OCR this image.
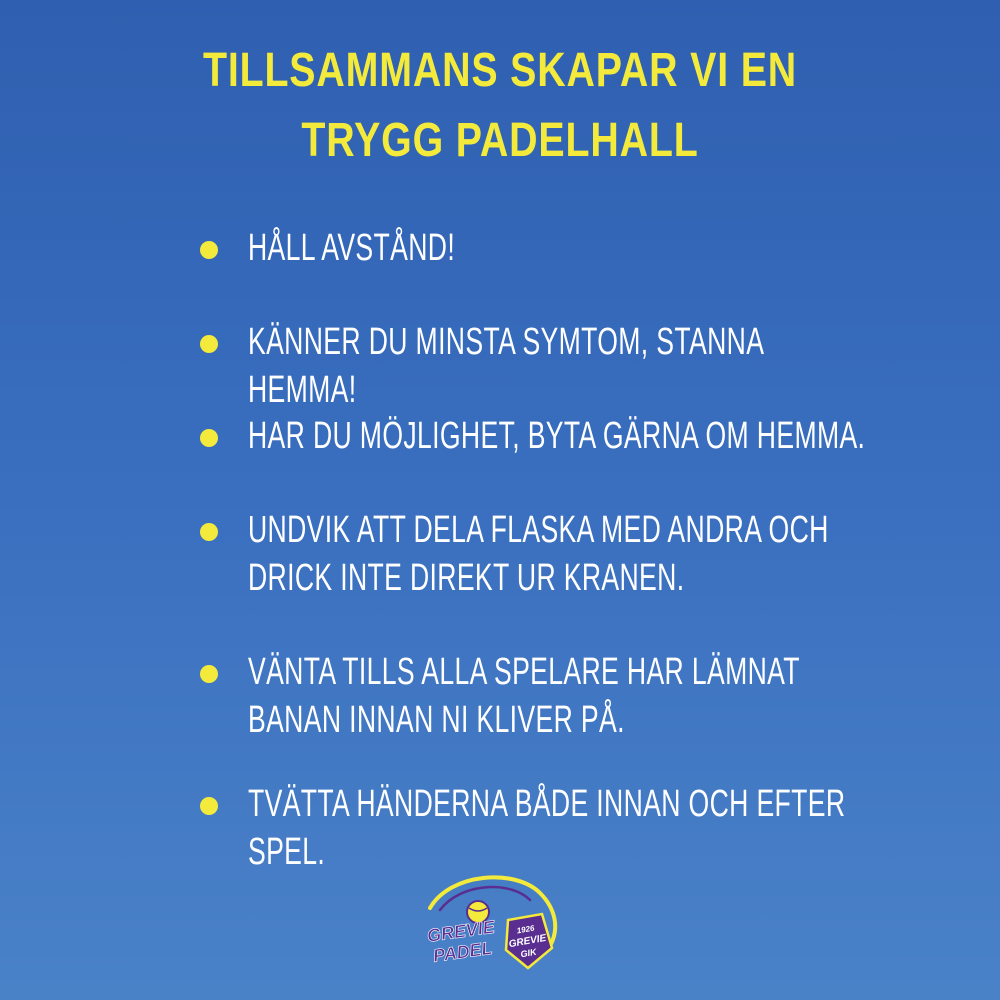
TILLSAMMANS SKAPAR VI EN
TRYGG PADELHALL
HÅLL AVSTÅND!
KÄNNER DU MINSTA SYMTOM, STANNA HEMMA!
HAR DU MÖJLIGHET, BYTA GÄRNA OM HEMMA.
UNDVIK ATT DELA FLASKA MED ANDRA OCH
DRICK INTE DIREKT UR KRANEN.
VÄNTA TILLS ALLA SPELARE HAR LÄMNAT
BANAN INNAN NI KLIVER PÅ.
TVÄTTA HÄNDERNA BÅDE INNAN OCH EFTER
SPEL.
1926
GREVIE
GIK
GREVIE
PADEL
